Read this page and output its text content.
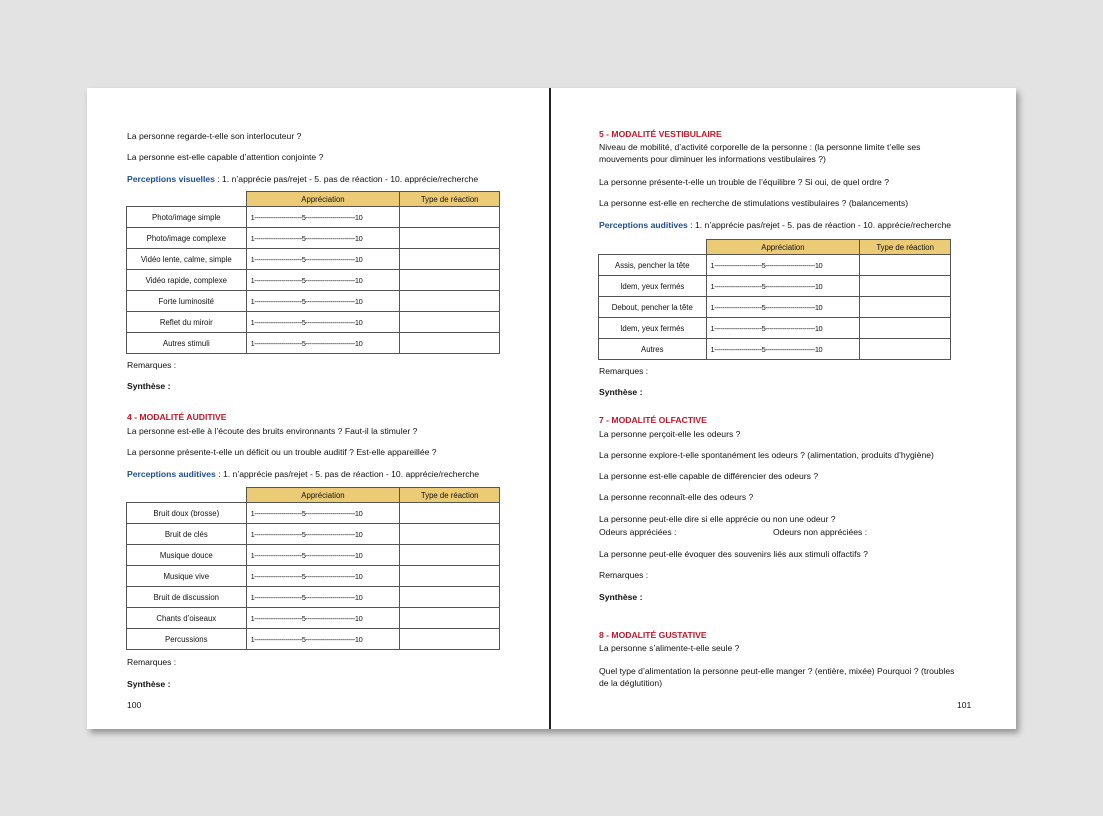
La personne regarde-t-elle son interlocuteur ?
La personne est-elle capable d’attention conjointe ?
Perceptions visuelles : 1. n’apprécie pas/rejet - 5. pas de réaction - 10. apprécie/recherche
	Appréciation	Type de réaction
Photo/image simple	1-----------------------5------------------------10	
Photo/image complexe	1-----------------------5------------------------10	
Vidéo lente, calme, simple	1-----------------------5------------------------10	
Vidéo rapide, complexe	1-----------------------5------------------------10	
Forte luminosité	1-----------------------5------------------------10	
Reflet du miroir	1-----------------------5------------------------10	
Autres stimuli	1-----------------------5------------------------10	
Remarques :
Synthèse :
4 - MODALITÉ AUDITIVE
La personne est-elle à l’écoute des bruits environnants ? Faut-il la stimuler ?
La personne présente-t-elle un déficit ou un trouble auditif ? Est-elle appareillée ?
Perceptions auditives : 1. n’apprécie pas/rejet - 5. pas de réaction - 10. apprécie/recherche
	Appréciation	Type de réaction
Bruit doux (brosse)	1-----------------------5------------------------10	
Bruit de clés	1-----------------------5------------------------10	
Musique douce	1-----------------------5------------------------10	
Musique vive	1-----------------------5------------------------10	
Bruit de discussion	1-----------------------5------------------------10	
Chants d’oiseaux	1-----------------------5------------------------10	
Percussions	1-----------------------5------------------------10	
Remarques :
Synthèse :
100
5 - MODALITÉ VESTIBULAIRE
Niveau de mobilité, d’activité corporelle de la personne : (la personne limite t’elle ses mouvements pour diminuer les informations vestibulaires ?)
La personne présente-t-elle un trouble de l’équilibre ? Si oui, de quel ordre ?
La personne est-elle en recherche de stimulations vestibulaires ? (balancements)
Perceptions auditives : 1. n’apprécie pas/rejet - 5. pas de réaction - 10. apprécie/recherche
	Appréciation	Type de réaction
Assis, pencher la tête	1-----------------------5------------------------10	
Idem, yeux fermés	1-----------------------5------------------------10	
Debout, pencher la tête	1-----------------------5------------------------10	
Idem, yeux fermés	1-----------------------5------------------------10	
Autres	1-----------------------5------------------------10	
Remarques :
Synthèse :
7 - MODALITÉ OLFACTIVE
La personne perçoit-elle les odeurs ?
La personne explore-t-elle spontanément les odeurs ? (alimentation, produits d’hygiène)
La personne est-elle capable de différencier des odeurs ?
La personne reconnaît-elle des odeurs ?
La personne peut-elle dire si elle apprécie ou non une odeur ?
Odeurs appréciées :	Odeurs non appréciées :
La personne peut-elle évoquer des souvenirs liés aux stimuli olfactifs ?
Remarques :
Synthèse :
8 - MODALITÉ GUSTATIVE
La personne s’alimente-t-elle seule ?
Quel type d’alimentation la personne peut-elle manger ? (entière, mixée) Pourquoi ? (troubles de la déglutition)
101
